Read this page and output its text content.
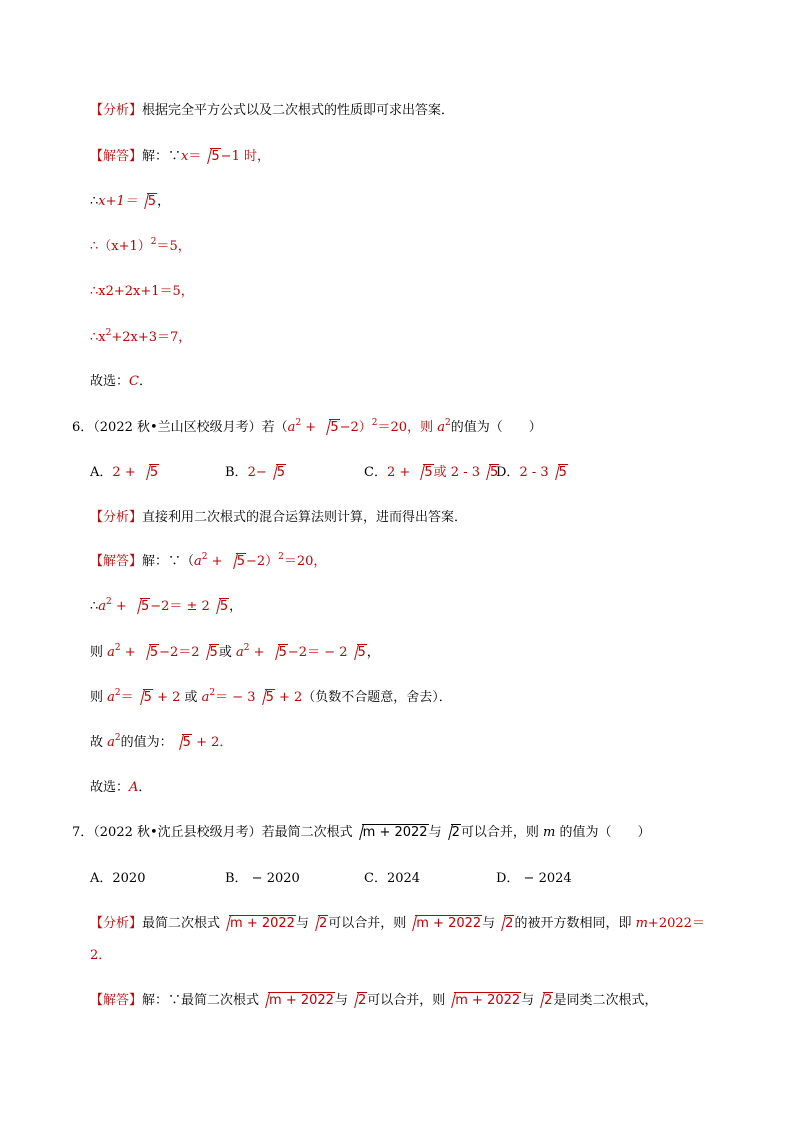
【分析】根据完全平方公式以及二次根式的性质即可求出答案．
【解答】解：∵x＝ 5−1 时，
∴x+1＝ 5，
$\therefore(x+1)^2=5$，
∴x2+2x+1＝5，
$\therefore x^2+2x+3=7$，
故选：C．
6．（2022 秋•兰山区校级月考）若$(a^2 + 5-2)^2=20$，则 $a^2$的值为（　　）
A．2 + 5	B．2− 5	C．2 + 5或 2 - 3 5
D．2 - 3 5
【分析】直接利用二次根式的混合运算法则计算，进而得出答案．
【解答】解：$\because(a^2 + 5-2)^2=20$，
$\therefore a^2 + 5-2= \pm 2$ 5，
则 $a^2 + 5-2=2$ 5或 $a^2 + 5-2= - 2$ 5，
则 $a^2= 5 + 2$ 或 $a^2= - 3$ 5 + 2（负数不合题意，舍去）．
故 $a^2$的值为： 5 + 2．
故选：A．
7．（2022 秋•沈丘县校级月考）若最简二次根式 m + 2022与 2可以合并，则 m 的值为（　　）
A．2020	B． − 2020	C．2024	D． − 2024
【分析】最简二次根式 m + 2022与 2可以合并，则 m + 2022与 2的被开方数相同，即 m+2022＝
2．
【解答】解：∵最简二次根式 m + 2022与 2可以合并，则 m + 2022与 2是同类二次根式，
